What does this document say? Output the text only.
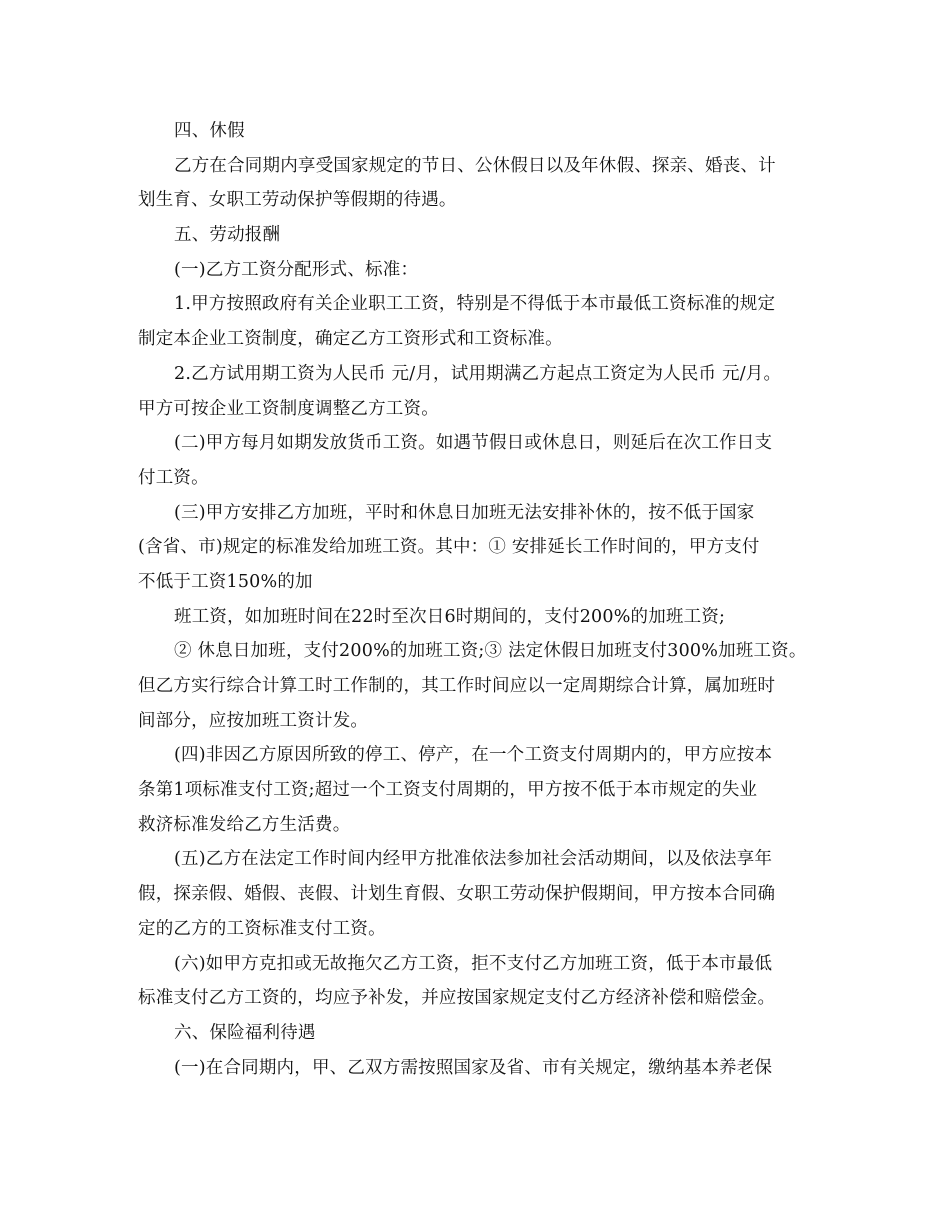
四、休假
乙方在合同期内享受国家规定的节日、公休假日以及年休假、探亲、婚丧、计
划生育、女职工劳动保护等假期的待遇。
五、劳动报酬
(一)乙方工资分配形式、标准：
1.甲方按照政府有关企业职工工资，特别是不得低于本市最低工资标准的规定
制定本企业工资制度，确定乙方工资形式和工资标准。
2.乙方试用期工资为人民币 元/月，试用期满乙方起点工资定为人民币 元/月。
甲方可按企业工资制度调整乙方工资。
(二)甲方每月如期发放货币工资。如遇节假日或休息日，则延后在次工作日支
付工资。
(三)甲方安排乙方加班，平时和休息日加班无法安排补休的，按不低于国家
(含省、市)规定的标准发给加班工资。其中：① 安排延长工作时间的，甲方支付
不低于工资150%的加
班工资，如加班时间在22时至次日6时期间的，支付200%的加班工资;
② 休息日加班，支付200%的加班工资;③ 法定休假日加班支付300%加班工资。
但乙方实行综合计算工时工作制的，其工作时间应以一定周期综合计算，属加班时
间部分，应按加班工资计发。
(四)非因乙方原因所致的停工、停产，在一个工资支付周期内的，甲方应按本
条第1项标准支付工资;超过一个工资支付周期的，甲方按不低于本市规定的失业
救济标准发给乙方生活费。
(五)乙方在法定工作时间内经甲方批准依法参加社会活动期间，以及依法享年
假，探亲假、婚假、丧假、计划生育假、女职工劳动保护假期间，甲方按本合同确
定的乙方的工资标准支付工资。
(六)如甲方克扣或无故拖欠乙方工资，拒不支付乙方加班工资，低于本市最低
标准支付乙方工资的，均应予补发，并应按国家规定支付乙方经济补偿和赔偿金。
六、保险福利待遇
(一)在合同期内，甲、乙双方需按照国家及省、市有关规定，缴纳基本养老保
